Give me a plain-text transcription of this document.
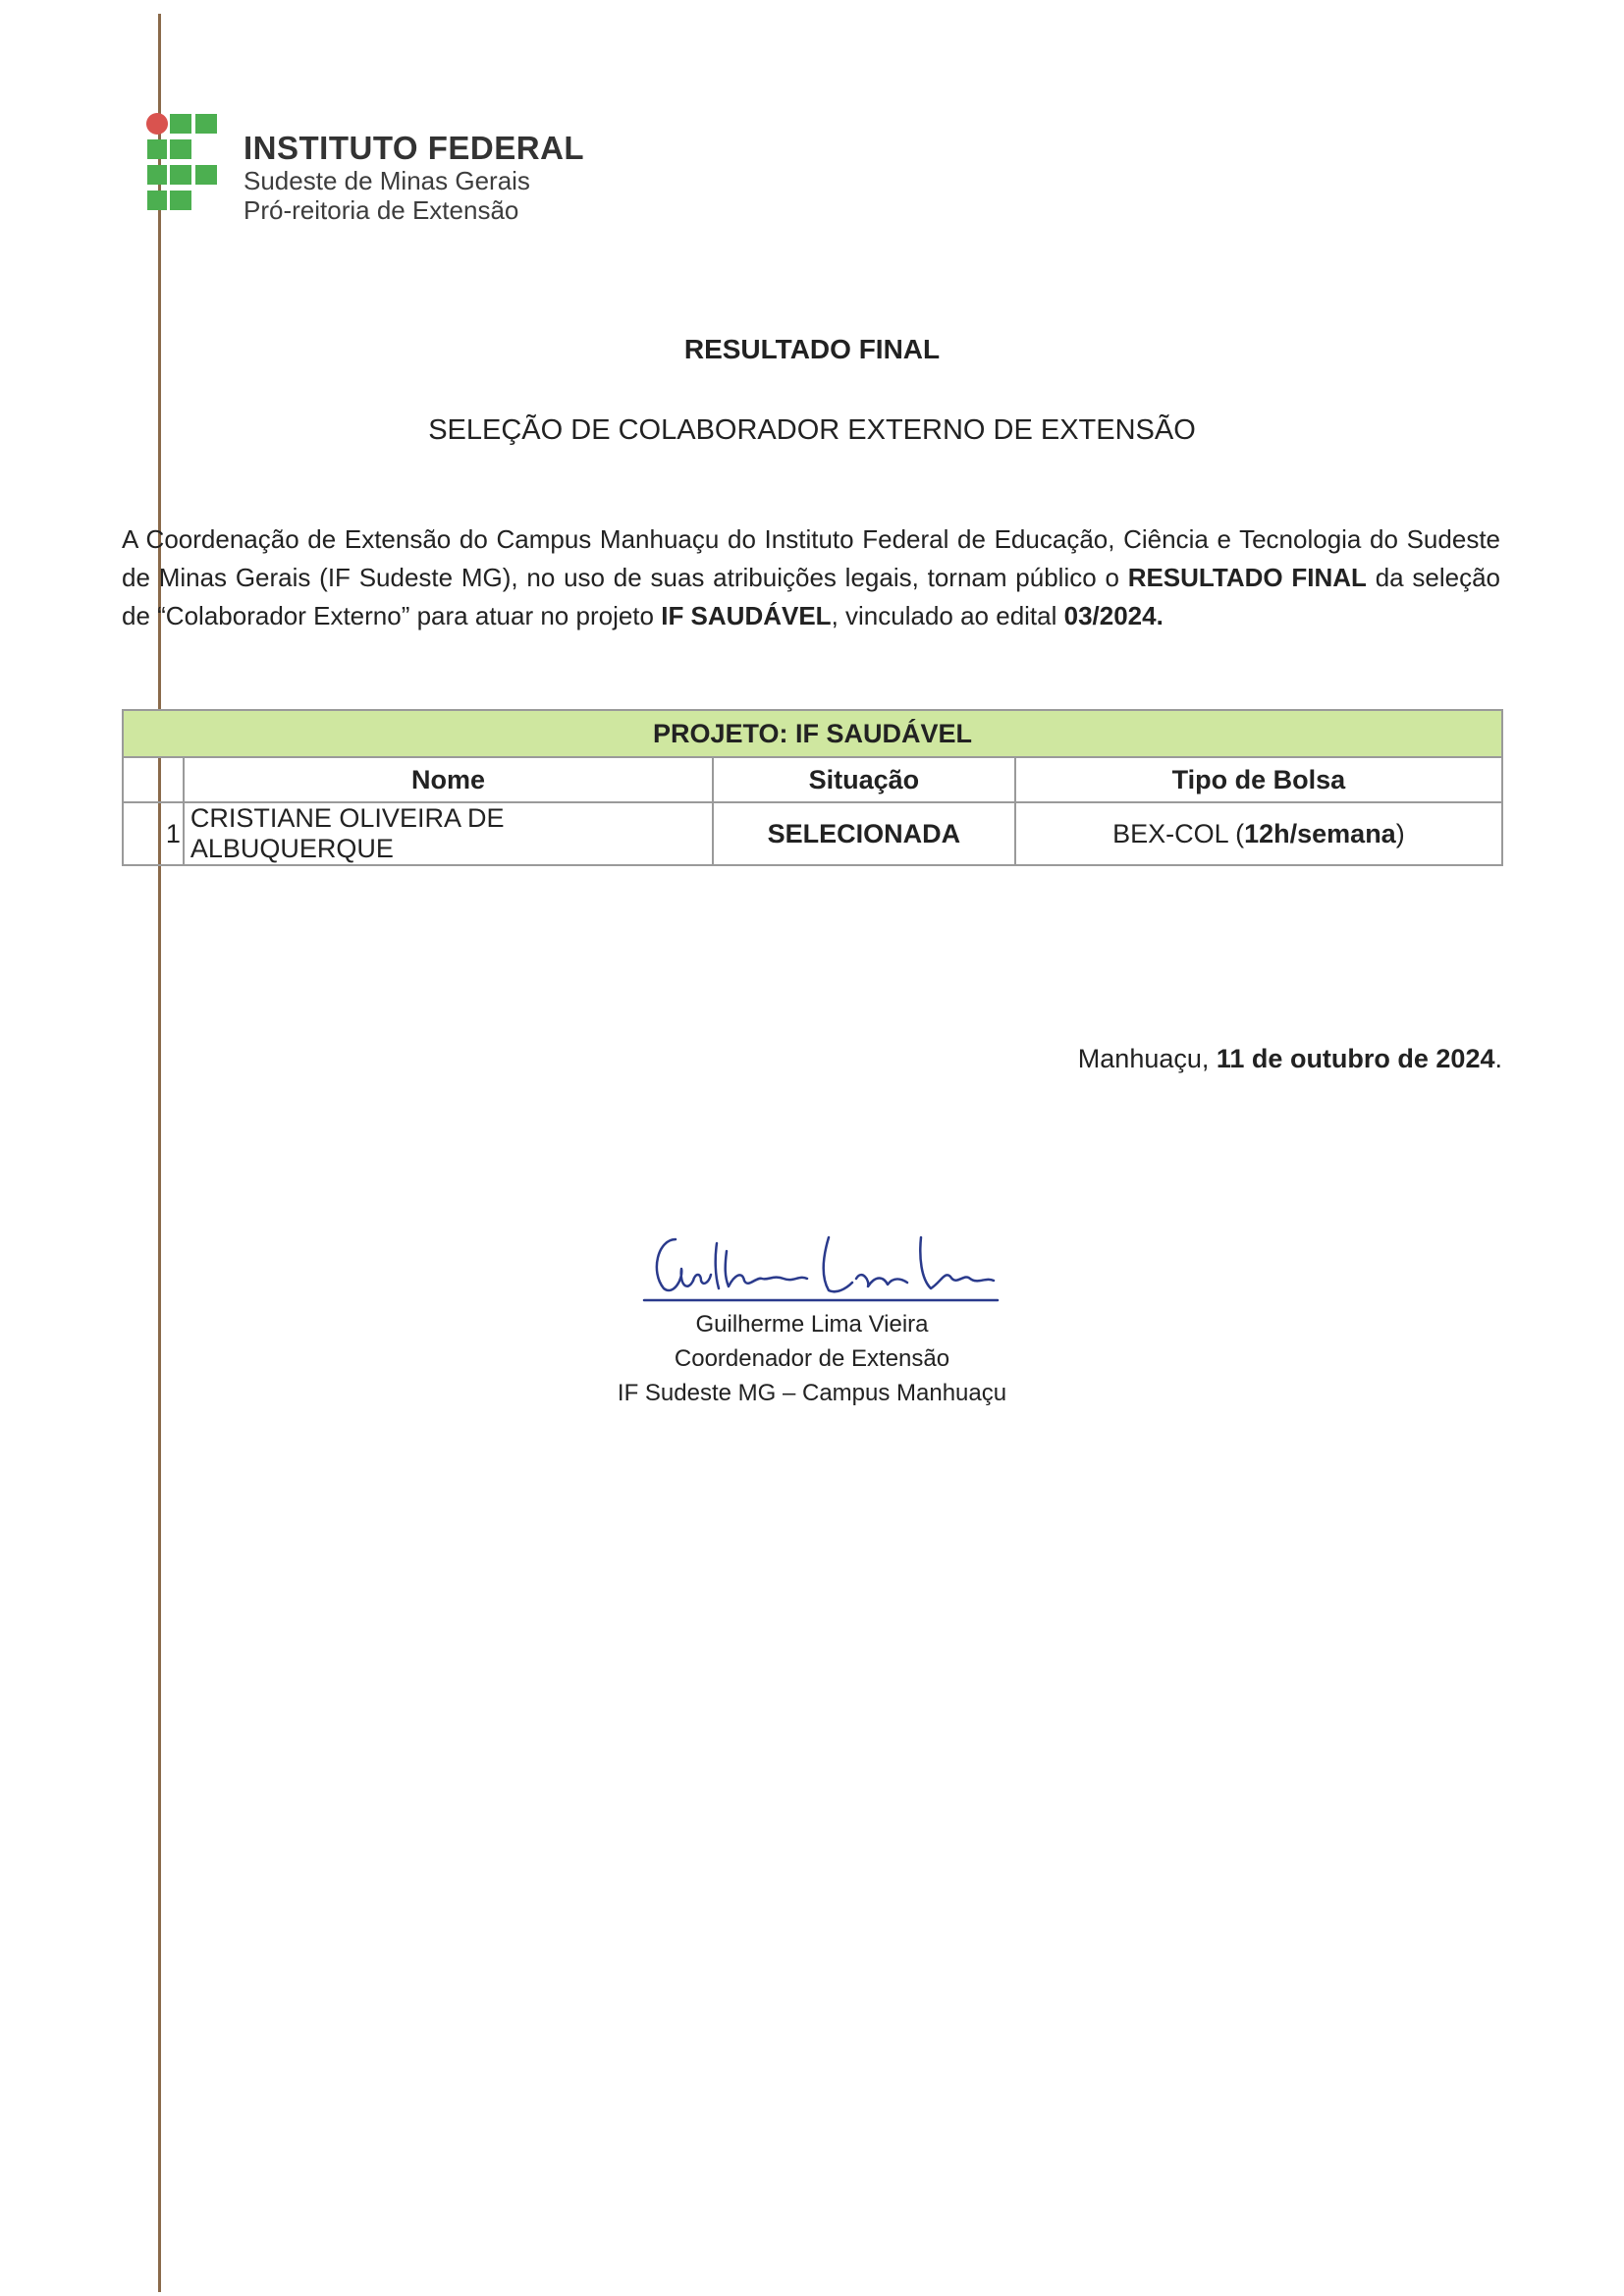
INSTITUTO FEDERAL
Sudeste de Minas Gerais
Pró-reitoria de Extensão
RESULTADO FINAL
SELEÇÃO DE COLABORADOR EXTERNO DE EXTENSÃO
A Coordenação de Extensão do Campus Manhuaçu do Instituto Federal de Educação, Ciência e Tecnologia do Sudeste de Minas Gerais (IF Sudeste MG), no uso de suas atribuições legais, tornam público o RESULTADO FINAL da seleção de “Colaborador Externo” para atuar no projeto IF SAUDÁVEL, vinculado ao edital 03/2024.
PROJETO: IF SAUDÁVEL			
	Nome	Situação	Tipo de Bolsa
1	CRISTIANE OLIVEIRA DE ALBUQUERQUE	SELECIONADA	BEX-COL (12h/semana)
Manhuaçu, 11 de outubro de 2024.
Guilherme Lima Vieira
Coordenador de Extensão
IF Sudeste MG – Campus Manhuaçu
